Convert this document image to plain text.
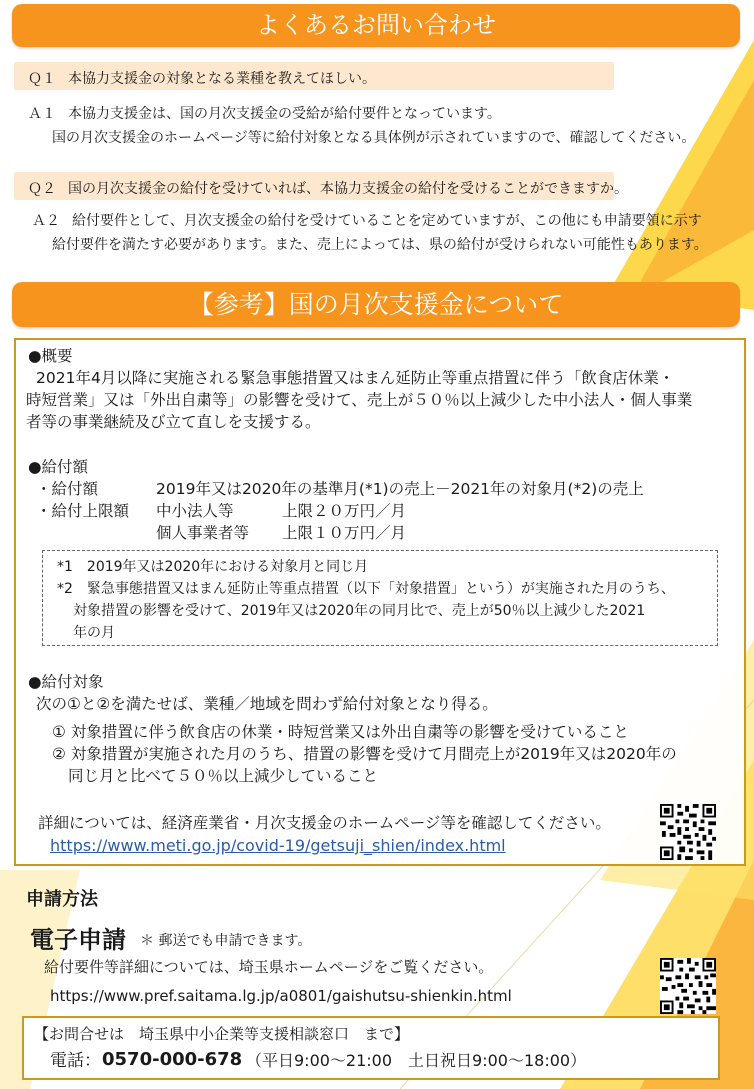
よくあるお問い合わせ
Ｑ１ 本協力支援金の対象となる業種を教えてほしい。
Ａ１ 本協力支援金は、国の月次支援金の受給が給付要件となっています。
国の月次支援金のホームページ等に給付対象となる具体例が示されていますので、確認してください。
Ｑ２ 国の月次支援金の給付を受けていれば、本協力支援金の給付を受けることができますか。
Ａ２ 給付要件として、月次支援金の給付を受けていることを定めていますが、この他にも申請要領に示す
給付要件を満たす必要があります。また、売上によっては、県の給付が受けられない可能性もあります。
【参考】国の月次支援金について
●概要
2021年4月以降に実施される緊急事態措置又はまん延防止等重点措置に伴う「飲食店休業・
時短営業」又は「外出自粛等」の影響を受けて、売上が５０％以上減少した中小法人・個人事業
者等の事業継続及び立て直しを支援する。
●給付額
・給付額	2019年又は2020年の基準月(*1)の売上－2021年の対象月(*2)の売上
・給付上限額 中小法人等	上限２０万円／月
個人事業者等 上限１０万円／月
*1　2019年又は2020年における対象月と同じ月
*2　緊急事態措置又はまん延防止等重点措置（以下「対象措置」という）が実施された月のうち、
対象措置の影響を受けて、2019年又は2020年の同月比で、売上が50％以上減少した2021
年の月
●給付対象
次の①と②を満たせば、業種／地域を問わず給付対象となり得る。
① 対象措置に伴う飲食店の休業・時短営業又は外出自粛等の影響を受けていること
② 対象措置が実施された月のうち、措置の影響を受けて月間売上が2019年又は2020年の
同じ月と比べて５０％以上減少していること
詳細については、経済産業省・月次支援金のホームページ等を確認してください。
https://www.meti.go.jp/covid-19/getsuji_shien/index.html
申請方法
電子申請 ＊ 郵送でも申請できます。
給付要件等詳細については、埼玉県ホームページをご覧ください。
https://www.pref.saitama.lg.jp/a0801/gaishutsu-shienkin.html
【お問合せは　埼玉県中小企業等支援相談窓口　まで】
電話： 0570-000-678 （平日9:00～21:00　土日祝日9:00～18:00）
